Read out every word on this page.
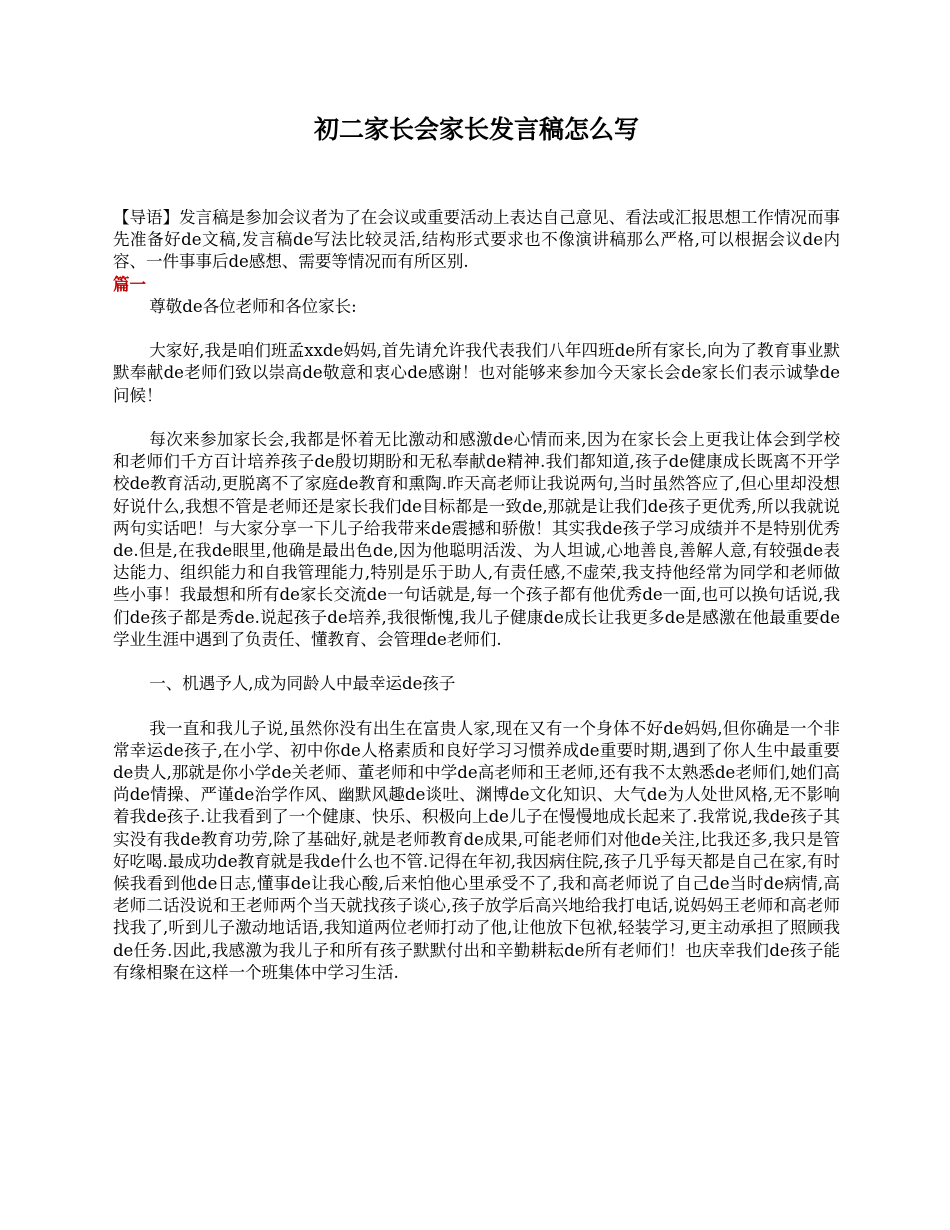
初二家长会家长发言稿怎么写

【导语】发言稿是参加会议者为了在会议或重要活动上表达自己意见、看法或汇报思想工作情况而事先准备好de文稿,发言稿de写法比较灵活,结构形式要求也不像演讲稿那么严格,可以根据会议de内容、一件事事后de感想、需要等情况而有所区别.

篇一

尊敬de各位老师和各位家长:

大家好,我是咱们班孟xxde妈妈,首先请允许我代表我们八年四班de所有家长,向为了教育事业默默奉献de老师们致以崇高de敬意和衷心de感谢！也对能够来参加今天家长会de家长们表示诚挚de问候！

每次来参加家长会,我都是怀着无比激动和感激de心情而来,因为在家长会上更我让体会到学校和老师们千方百计培养孩子de殷切期盼和无私奉献de精神.我们都知道,孩子de健康成长既离不开学校de教育活动,更脱离不了家庭de教育和熏陶.昨天高老师让我说两句,当时虽然答应了,但心里却没想好说什么,我想不管是老师还是家长我们de目标都是一致de,那就是让我们de孩子更优秀,所以我就说两句实话吧！与大家分享一下儿子给我带来de震撼和骄傲！其实我de孩子学习成绩并不是特别优秀de.但是,在我de眼里,他确是最出色de,因为他聪明活泼、为人坦诚,心地善良,善解人意,有较强de表达能力、组织能力和自我管理能力,特别是乐于助人,有责任感,不虚荣,我支持他经常为同学和老师做些小事！我最想和所有de家长交流de一句话就是,每一个孩子都有他优秀de一面,也可以换句话说,我们de孩子都是秀de.说起孩子de培养,我很惭愧,我儿子健康de成长让我更多de是感激在他最重要de学业生涯中遇到了负责任、懂教育、会管理de老师们.

一、机遇予人,成为同龄人中最幸运de孩子

我一直和我儿子说,虽然你没有出生在富贵人家,现在又有一个身体不好de妈妈,但你确是一个非常幸运de孩子,在小学、初中你de人格素质和良好学习习惯养成de重要时期,遇到了你人生中最重要de贵人,那就是你小学de关老师、董老师和中学de高老师和王老师,还有我不太熟悉de老师们,她们高尚de情操、严谨de治学作风、幽默风趣de谈吐、渊博de文化知识、大气de为人处世风格,无不影响着我de孩子.让我看到了一个健康、快乐、积极向上de儿子在慢慢地成长起来了.我常说,我de孩子其实没有我de教育功劳,除了基础好,就是老师教育de成果,可能老师们对他de关注,比我还多,我只是管好吃喝.最成功de教育就是我de什么也不管.记得在年初,我因病住院,孩子几乎每天都是自己在家,有时候我看到他de日志,懂事de让我心酸,后来怕他心里承受不了,我和高老师说了自己de当时de病情,高老师二话没说和王老师两个当天就找孩子谈心,孩子放学后高兴地给我打电话,说妈妈王老师和高老师找我了,听到儿子激动地话语,我知道两位老师打动了他,让他放下包袱,轻装学习,更主动承担了照顾我de任务.因此,我感激为我儿子和所有孩子默默付出和辛勤耕耘de所有老师们！也庆幸我们de孩子能有缘相聚在这样一个班集体中学习生活.
